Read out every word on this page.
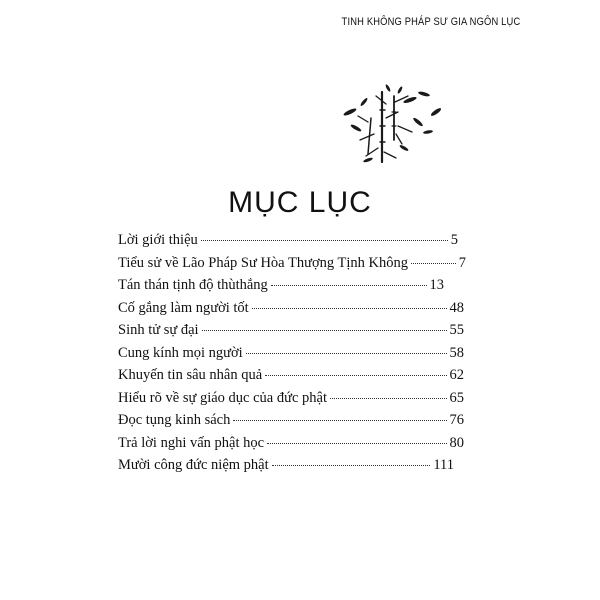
TINH KHÔNG PHÁP SƯ GIA NGÔN LỤC
MỤC LỤC
Lời giới thiệu	5
Tiểu sử về Lão Pháp Sư Hòa Thượng Tịnh Không	7
Tán thán tịnh độ thùthắng	13
Cố gắng làm người tốt	48
Sinh tử sự đại	55
Cung kính mọi người	58
Khuyến tin sâu nhân quả	62
Hiểu rõ về sự giáo dục của đức phật	65
Đọc tụng kinh sách	76
Trả lời nghi vấn phật học	80
Mười công đức niệm phật	111
